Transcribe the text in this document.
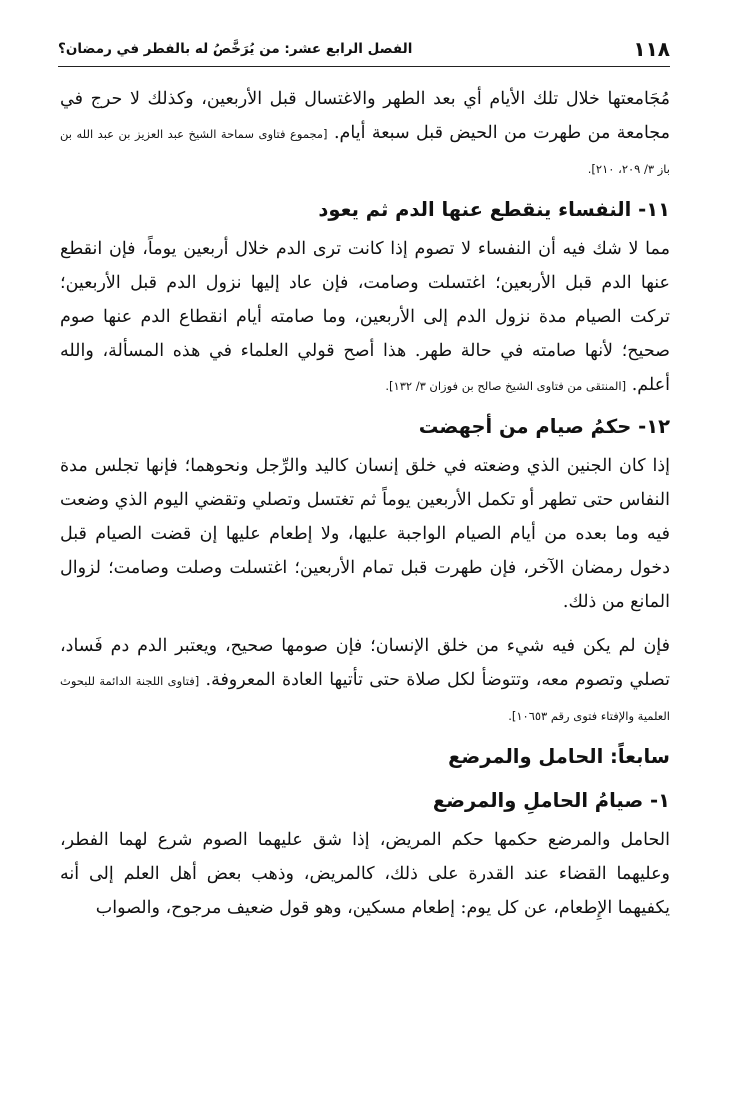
١١٨
الفصل الرابع عشر: من يُرَخَّصُ له بالفطر في رمضان؟

مُجَامعتها خلال تلك الأيام أي بعد الطهر والاغتسال قبل الأربعين، وكذلك لا حرج في مجامعة من طهرت من الحيض قبل سبعة أيام. [مجموع فتاوى سماحة الشيخ عبد العزيز بن عبد الله بن باز ٣/ ٢٠٩، ٢١٠].

١١- النفساء ينقطع عنها الدم ثم يعود

مما لا شك فيه أن النفساء لا تصوم إذا كانت ترى الدم خلال أربعين يوماً، فإن انقطع عنها الدم قبل الأربعين؛ اغتسلت وصامت، فإن عاد إليها نزول الدم قبل الأربعين؛ تركت الصيام مدة نزول الدم إلى الأربعين، وما صامته أيام انقطاع الدم عنها صوم صحيح؛ لأنها صامته في حالة طهر. هذا أصح قولي العلماء في هذه المسألة، والله أعلم. [المنتقى من فتاوى الشيخ صالح بن فوزان ٣/ ١٣٢].

١٢- حكمُ صيام من أجهضت

إذا كان الجنين الذي وضعته في خلق إنسان كاليد والرِّجل ونحوهما؛ فإنها تجلس مدة النفاس حتى تطهر أو تكمل الأربعين يوماً ثم تغتسل وتصلي وتقضي اليوم الذي وضعت فيه وما بعده من أيام الصيام الواجبة عليها، ولا إطعام عليها إن قضت الصيام قبل دخول رمضان الآخر، فإن طهرت قبل تمام الأربعين؛ اغتسلت وصلت وصامت؛ لزوال المانع من ذلك.

فإن لم يكن فيه شيء من خلق الإنسان؛ فإن صومها صحيح، ويعتبر الدم دم فَساد، تصلي وتصوم معه، وتتوضأ لكل صلاة حتى تأتيها العادة المعروفة. [فتاوى اللجنة الدائمة للبحوث العلمية والإفتاء فتوى رقم ١٠٦٥٣].

سابعاً: الحامل والمرضع
١- صيامُ الحاملِ والمرضع

الحامل والمرضع حكمها حكم المريض، إذا شق عليهما الصوم شرع لهما الفطر، وعليهما القضاء عند القدرة على ذلك، كالمريض، وذهب بعض أهل العلم إلى أنه يكفيهما الإِطعام، عن كل يوم: إطعام مسكين، وهو قول ضعيف مرجوح، والصواب
